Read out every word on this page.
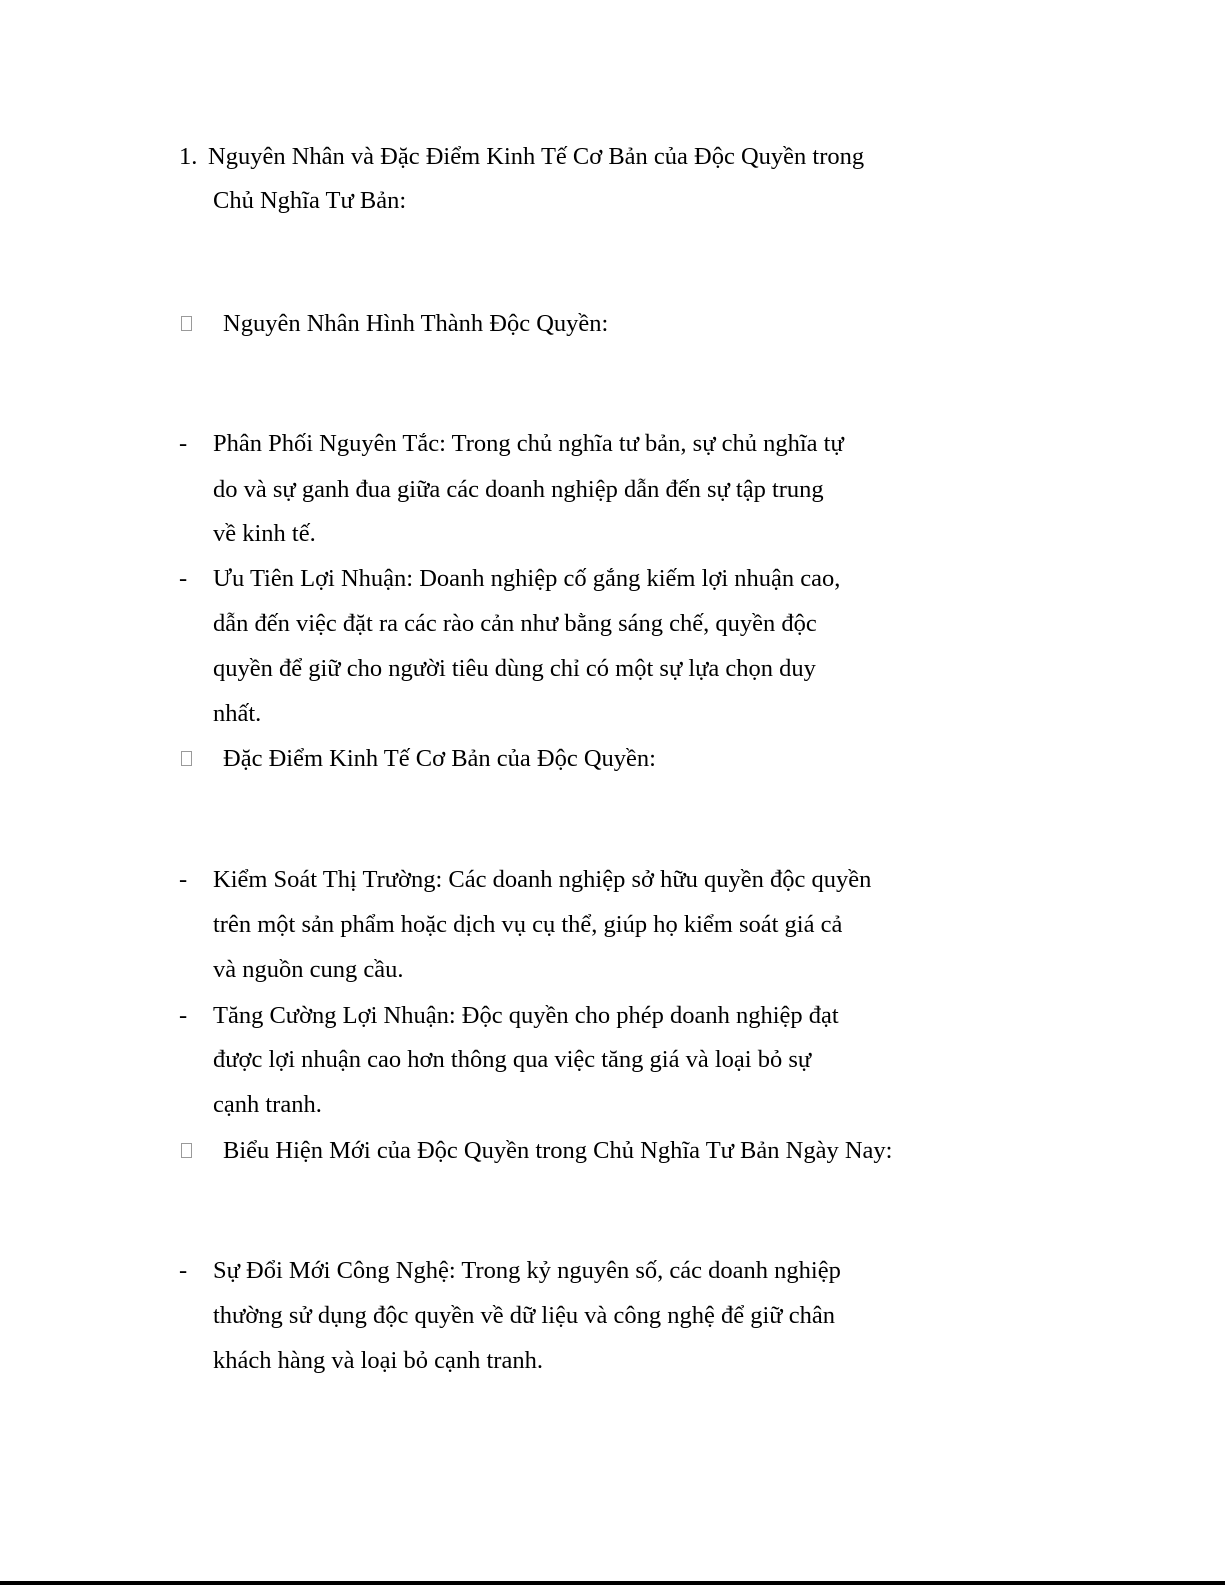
1. Nguyên Nhân và Đặc Điểm Kinh Tế Cơ Bản của Độc Quyền trong
Chủ Nghĩa Tư Bản:
Nguyên Nhân Hình Thành Độc Quyền:
- Phân Phối Nguyên Tắc: Trong chủ nghĩa tư bản, sự chủ nghĩa tự
do và sự ganh đua giữa các doanh nghiệp dẫn đến sự tập trung
về kinh tế.
- Ưu Tiên Lợi Nhuận: Doanh nghiệp cố gắng kiếm lợi nhuận cao,
dẫn đến việc đặt ra các rào cản như bằng sáng chế, quyền độc
quyền để giữ cho người tiêu dùng chỉ có một sự lựa chọn duy
nhất.
Đặc Điểm Kinh Tế Cơ Bản của Độc Quyền:
- Kiểm Soát Thị Trường: Các doanh nghiệp sở hữu quyền độc quyền
trên một sản phẩm hoặc dịch vụ cụ thể, giúp họ kiểm soát giá cả
và nguồn cung cầu.
- Tăng Cường Lợi Nhuận: Độc quyền cho phép doanh nghiệp đạt
được lợi nhuận cao hơn thông qua việc tăng giá và loại bỏ sự
cạnh tranh.
Biểu Hiện Mới của Độc Quyền trong Chủ Nghĩa Tư Bản Ngày Nay:
- Sự Đổi Mới Công Nghệ: Trong kỷ nguyên số, các doanh nghiệp
thường sử dụng độc quyền về dữ liệu và công nghệ để giữ chân
khách hàng và loại bỏ cạnh tranh.
